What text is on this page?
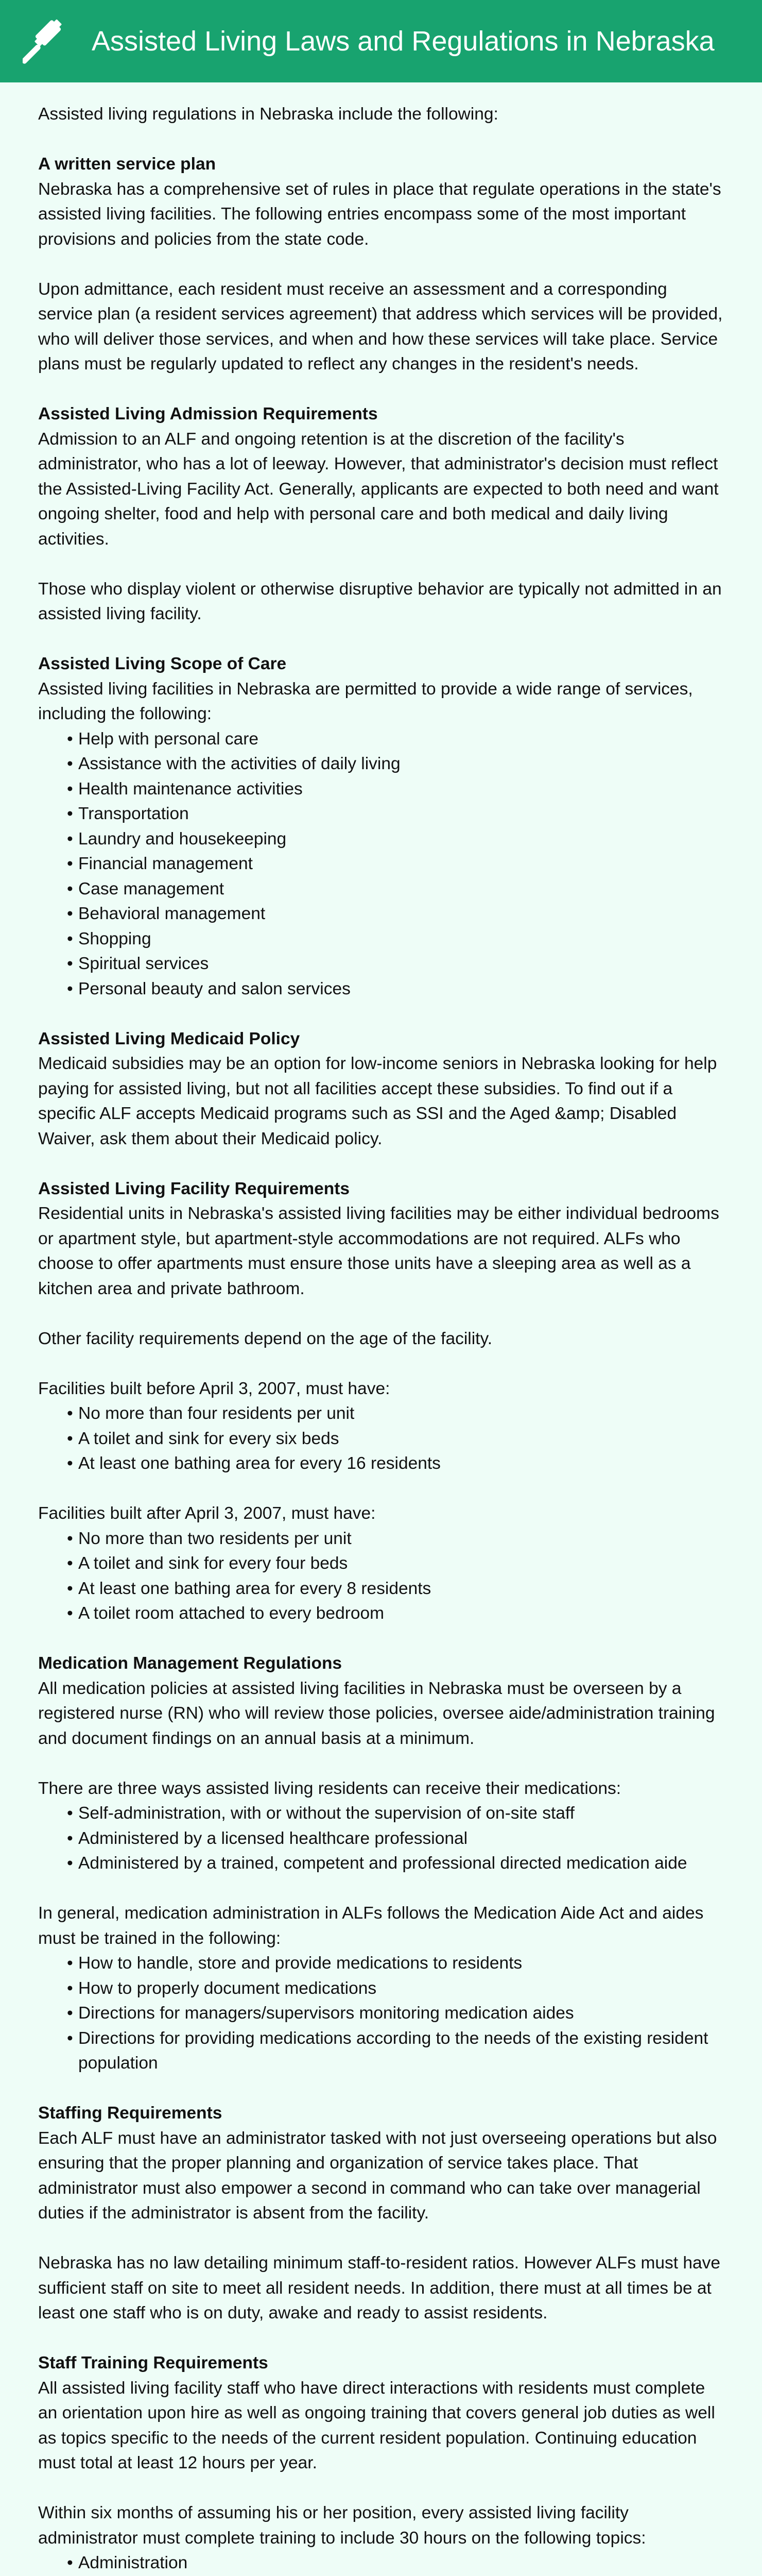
Assisted Living Laws and Regulations in Nebraska

Assisted living regulations in Nebraska include the following:

A written service plan

Nebraska has a comprehensive set of rules in place that regulate operations in the state's assisted living facilities. The following entries encompass some of the most important provisions and policies from the state code.

Upon admittance, each resident must receive an assessment and a corresponding service plan (a resident services agreement) that address which services will be provided, who will deliver those services, and when and how these services will take place. Service plans must be regularly updated to reflect any changes in the resident's needs.

Assisted Living Admission Requirements

Admission to an ALF and ongoing retention is at the discretion of the facility's administrator, who has a lot of leeway. However, that administrator's decision must reflect the Assisted-Living Facility Act. Generally, applicants are expected to both need and want ongoing shelter, food and help with personal care and both medical and daily living activities.

Those who display violent or otherwise disruptive behavior are typically not admitted in an assisted living facility.

Assisted Living Scope of Care

Assisted living facilities in Nebraska are permitted to provide a wide range of services, including the following:

• Help with personal care
• Assistance with the activities of daily living
• Health maintenance activities
• Transportation
• Laundry and housekeeping
• Financial management
• Case management
• Behavioral management
• Shopping
• Spiritual services
• Personal beauty and salon services
Assisted Living Medicaid Policy

Medicaid subsidies may be an option for low-income seniors in Nebraska looking for help paying for assisted living, but not all facilities accept these subsidies. To find out if a specific ALF accepts Medicaid programs such as SSI and the Aged &amp; Disabled Waiver, ask them about their Medicaid policy.

Assisted Living Facility Requirements

Residential units in Nebraska's assisted living facilities may be either individual bedrooms or apartment style, but apartment-style accommodations are not required. ALFs who choose to offer apartments must ensure those units have a sleeping area as well as a kitchen area and private bathroom.

Other facility requirements depend on the age of the facility.

Facilities built before April 3, 2007, must have:

• No more than four residents per unit
• A toilet and sink for every six beds
• At least one bathing area for every 16 residents

Facilities built after April 3, 2007, must have:

• No more than two residents per unit
• A toilet and sink for every four beds
• At least one bathing area for every 8 residents
• A toilet room attached to every bedroom
Medication Management Regulations

All medication policies at assisted living facilities in Nebraska must be overseen by a registered nurse (RN) who will review those policies, oversee aide/administration training and document findings on an annual basis at a minimum.

There are three ways assisted living residents can receive their medications:

• Self-administration, with or without the supervision of on-site staff
• Administered by a licensed healthcare professional
• Administered by a trained, competent and professional directed medication aide

In general, medication administration in ALFs follows the Medication Aide Act and aides must be trained in the following:

• How to handle, store and provide medications to residents
• How to properly document medications
• Directions for managers/supervisors monitoring medication aides
• Directions for providing medications according to the needs of the existing resident population
Staffing Requirements

Each ALF must have an administrator tasked with not just overseeing operations but also ensuring that the proper planning and organization of service takes place. That administrator must also empower a second in command who can take over managerial duties if the administrator is absent from the facility.

Nebraska has no law detailing minimum staff-to-resident ratios. However ALFs must have sufficient staff on site to meet all resident needs. In addition, there must at all times be at least one staff who is on duty, awake and ready to assist residents.

Staff Training Requirements

All assisted living facility staff who have direct interactions with residents must complete an orientation upon hire as well as ongoing training that covers general job duties as well as topics specific to the needs of the current resident population. Continuing education must total at least 12 hours per year.

Within six months of assuming his or her position, every assisted living facility administrator must complete training to include 30 hours on the following topics:

• Administration
•
